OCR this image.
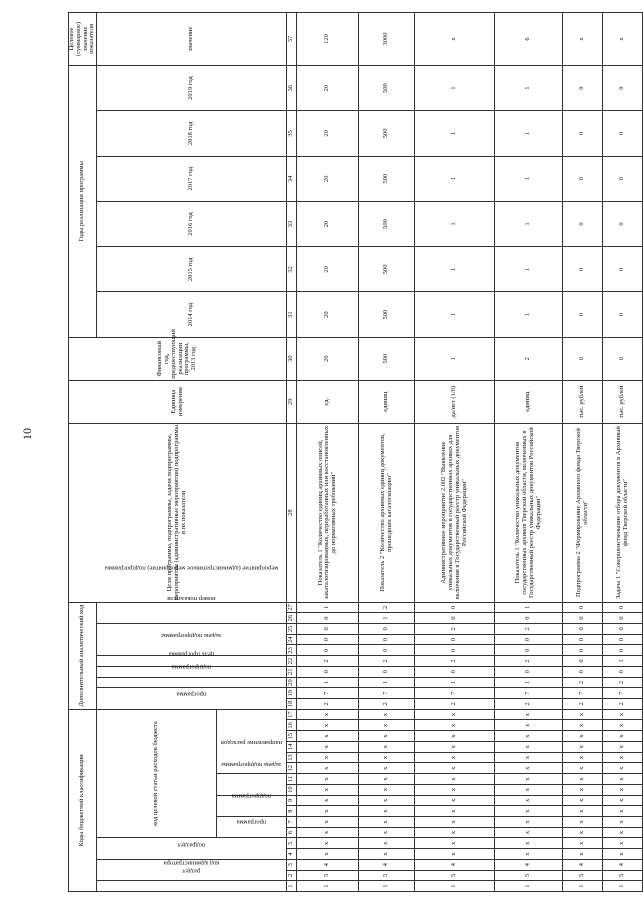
10
Коды бюджетной классификации																	Дополнительный аналитический код										Цели программы, подпрограммы, задачи подпрограммы, мероприятия (административные мероприятия) подпрограммы и их показатели	Единица измерения	Финансовый год, предшествующий реализации программы, 2013 год	Годы реализации программы						Целевое (суммарное) значение показателя
код администратора	раздел		подраздел		код целевой статьи расходов бюджета												программа		подпрограмма	цель программы	задача подпрограммы	мероприятие (административное мероприятие) подпрограммы			номер показателя					2014 год	2015 год	2016 год	2017 год	2018 год	2019 год	значение
					программа		подпрограмма		задача подпрограммы		направление расходов																									
1	2	3	4	5	6	7	8	9	10	11	12	13	14	15	16	17	18	19	20	21	22	23	24	25	26	27	28	29	30	31	32	33	34	35	36	37
1	5	4	x	x	x	x	x	x	x	x	x	x	x	x	x	x	2	7	1	0	2	0	0	0	0	1	Показатель 1 "Количество единиц архивных описей, закаталогизированных, переработанных или восстановленных до нормативных требований"	ед.	20	20	20	20	20	20	20	120
1	5	4	x	x	x	x	x	x	x	x	x	x	x	x	x	x	2	7	1	0	2	0	0	0	1	2	Показатель 2 "Количество архивных единиц документов, прошедших каталогизацию"	единиц	500	500	500	500	500	500	500	3000
1	5	4	x	x	x	x	x	x	x	x	x	x	x	x	x	x	2	7	1	0	2	0	0	2	0	0	Административное мероприятие 2.002 "Выявление уникальных документов в государственных архивах для включения в Государственный реестр уникальных документов Российской Федерации"	да/нет (1/0)	1	1	1	1	1	1	1	x
1	5	4	x	x	x	x	x	x	x	x	x	x	x	x	x	x	2	7	1	0	2	0	0	2	0	1	Показатель 1 "Количество уникальных документов государственных архивов Тверской области, включенных в Государственный реестр уникальных документов Российской Федерации"	единиц	2	1	1	1	1	1	1	6
1	5	4	x	x	x	x	x	x	x	x	x	x	x	x	x	x	2	7	2	0	0	0	0	0	0	0	Подпрограмма 2 "Формирование Архивного фонда Тверской области"	тыс. рублей	0	0	0	0	0	0	0	x
1	5	4	x	x	x	x	x	x	x	x	x	x	x	x	x	x	2	7	2	0	1	0	0	0	0	0	Задача 1 "Совершенствование отбора документов в Архивный фонд Тверской области"	тыс. рублей	0	0	0	0	0	0	0	x
